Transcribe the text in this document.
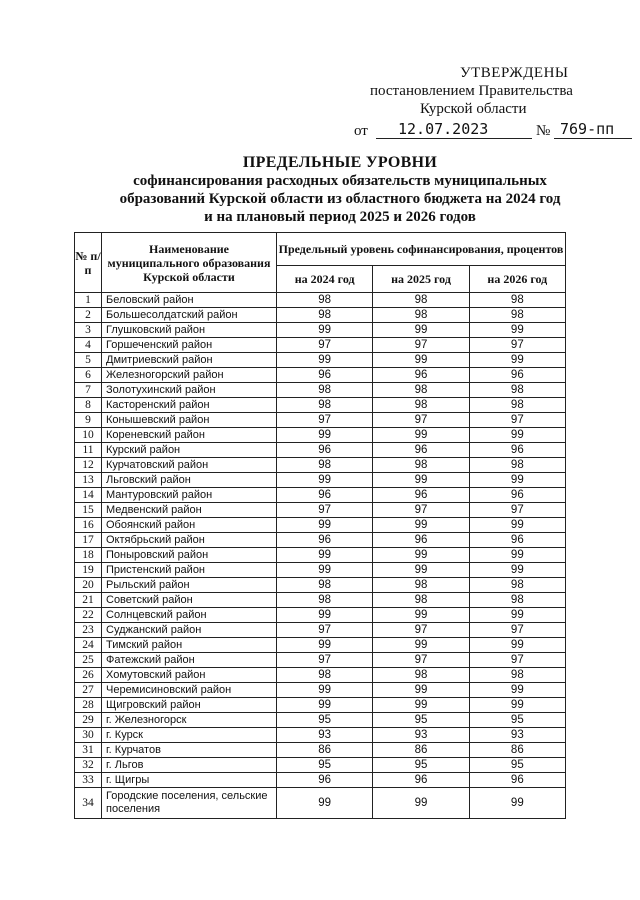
УТВЕРЖДЕНЫ
постановлением Правительства
Курской области
от 12.07.2023	№ 769-пп
ПРЕДЕЛЬНЫЕ УРОВНИ
софинансирования расходных обязательств муниципальных
образований Курской области из областного бюджета на 2024 год
и на плановый период 2025 и 2026 годов
№ п/п	Наименование муниципального образования Курской области	Предельный уровень софинансирования, процентов		
		на 2024 год	на 2025 год	на 2026 год
1	Беловский район	98	98	98
2	Большесолдатский район	98	98	98
3	Глушковский район	99	99	99
4	Горшеченский район	97	97	97
5	Дмитриевский район	99	99	99
6	Железногорский район	96	96	96
7	Золотухинский район	98	98	98
8	Касторенский район	98	98	98
9	Конышевский район	97	97	97
10	Кореневский район	99	99	99
11	Курский район	96	96	96
12	Курчатовский район	98	98	98
13	Льговский район	99	99	99
14	Мантуровский район	96	96	96
15	Медвенский район	97	97	97
16	Обоянский район	99	99	99
17	Октябрьский район	96	96	96
18	Поныровский район	99	99	99
19	Пристенский район	99	99	99
20	Рыльский район	98	98	98
21	Советский район	98	98	98
22	Солнцевский район	99	99	99
23	Суджанский район	97	97	97
24	Тимский район	99	99	99
25	Фатежский район	97	97	97
26	Хомутовский район	98	98	98
27	Черемисиновский район	99	99	99
28	Щигровский район	99	99	99
29	г. Железногорск	95	95	95
30	г. Курск	93	93	93
31	г. Курчатов	86	86	86
32	г. Льгов	95	95	95
33	г. Щигры	96	96	96
34	Городские поселения, сельские поселения	99	99	99
